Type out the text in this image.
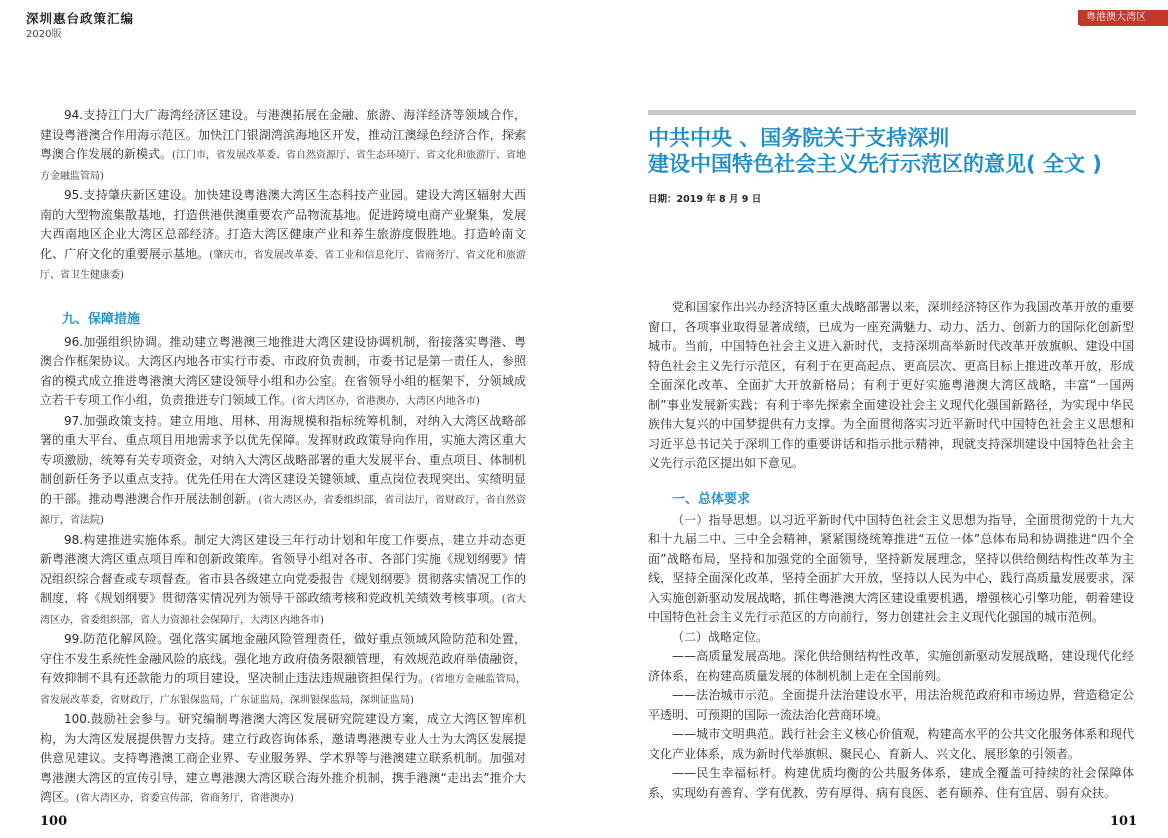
深圳惠台政策汇编
2020版

94.支持江门大广海湾经济区建设。与港澳拓展在金融、旅游、海洋经济等领域合作，建设粤港澳合作用海示范区。加快江门银湖湾滨海地区开发，推动江澳绿色经济合作，探索粤澳合作发展的新模式。(江门市，省发展改革委、省自然资源厅、省生态环境厅、省文化和旅游厅、省地方金融监管局)

95.支持肇庆新区建设。加快建设粤港澳大湾区生态科技产业园。建设大湾区辐射大西南的大型物流集散基地，打造供港供澳重要农产品物流基地。促进跨境电商产业聚集，发展大西南地区企业大湾区总部经济。打造大湾区健康产业和养生旅游度假胜地。打造岭南文化、广府文化的重要展示基地。(肇庆市，省发展改革委、省工业和信息化厅、省商务厅、省文化和旅游厅、省卫生健康委)

九、保障措施

96.加强组织协调。推动建立粤港澳三地推进大湾区建设协调机制，衔接落实粤港、粤澳合作框架协议。大湾区内地各市实行市委、市政府负责制，市委书记是第一责任人，参照省的模式成立推进粤港澳大湾区建设领导小组和办公室。在省领导小组的框架下，分领域成立若干专项工作小组，负责推进专门领域工作。(省大湾区办，省港澳办，大湾区内地各市)

97.加强政策支持。建立用地、用林、用海规模和指标统筹机制，对纳入大湾区战略部署的重大平台、重点项目用地需求予以优先保障。发挥财政政策导向作用，实施大湾区重大专项激励，统筹有关专项资金，对纳入大湾区战略部署的重大发展平台、重点项目、体制机制创新任务予以重点支持。优先任用在大湾区建设关键领域、重点岗位表现突出、实绩明显的干部。推动粤港澳合作开展法制创新。(省大湾区办，省委组织部，省司法厅，省财政厅，省自然资源厅，省法院)

98.构建推进实施体系。制定大湾区建设三年行动计划和年度工作要点，建立并动态更新粤港澳大湾区重点项目库和创新政策库。省领导小组对各市、各部门实施《规划纲要》情况组织综合督查或专项督查。省市县各级建立向党委报告《规划纲要》贯彻落实情况工作的制度，将《规划纲要》贯彻落实情况列为领导干部政绩考核和党政机关绩效考核事项。(省大湾区办，省委组织部，省人力资源社会保障厅，大湾区内地各市)

99.防范化解风险。强化落实属地金融风险管理责任，做好重点领域风险防范和处置，守住不发生系统性金融风险的底线。强化地方政府债务限额管理，有效规范政府举债融资，有效抑制不具有还款能力的项目建设，坚决制止违法违规融资担保行为。(省地方金融监管局，省发展改革委，省财政厅，广东银保监局，广东证监局，深圳银保监局，深圳证监局)

100.鼓励社会参与。研究编制粤港澳大湾区发展研究院建设方案，成立大湾区智库机构，为大湾区发展提供智力支持。建立行政咨询体系，邀请粤港澳专业人士为大湾区发展提供意见建议。支持粤港澳工商企业界、专业服务界、学术界等与港澳建立联系机制。加强对粤港澳大湾区的宣传引导，建立粤港澳大湾区联合海外推介机制，携手港澳“走出去”推介大湾区。(省大湾区办，省委宣传部，省商务厅，省港澳办)

100
粤港澳大湾区
中共中央 、国务院关于支持深圳
建设中国特色社会主义先行示范区的意见( 全文 )
日期：2019 年 8 月 9 日

党和国家作出兴办经济特区重大战略部署以来，深圳经济特区作为我国改革开放的重要窗口，各项事业取得显著成绩，已成为一座充满魅力、动力、活力、创新力的国际化创新型城市。当前，中国特色社会主义进入新时代，支持深圳高举新时代改革开放旗帜、建设中国特色社会主义先行示范区，有利于在更高起点、更高层次、更高目标上推进改革开放，形成全面深化改革、全面扩大开放新格局；有利于更好实施粤港澳大湾区战略，丰富“一国两制”事业发展新实践；有利于率先探索全面建设社会主义现代化强国新路径，为实现中华民族伟大复兴的中国梦提供有力支撑。为全面贯彻落实习近平新时代中国特色社会主义思想和习近平总书记关于深圳工作的重要讲话和指示批示精神，现就支持深圳建设中国特色社会主义先行示范区提出如下意见。

一、总体要求

（一）指导思想。以习近平新时代中国特色社会主义思想为指导，全面贯彻党的十九大和十九届二中、三中全会精神，紧紧围绕统筹推进“五位一体”总体布局和协调推进“四个全面”战略布局，坚持和加强党的全面领导，坚持新发展理念，坚持以供给侧结构性改革为主线，坚持全面深化改革，坚持全面扩大开放，坚持以人民为中心，践行高质量发展要求，深入实施创新驱动发展战略，抓住粤港澳大湾区建设重要机遇，增强核心引擎功能，朝着建设中国特色社会主义先行示范区的方向前行，努力创建社会主义现代化强国的城市范例。

（二）战略定位。

——高质量发展高地。深化供给侧结构性改革，实施创新驱动发展战略，建设现代化经济体系，在构建高质量发展的体制机制上走在全国前列。

——法治城市示范。全面提升法治建设水平，用法治规范政府和市场边界，营造稳定公平透明、可预期的国际一流法治化营商环境。

——城市文明典范。践行社会主义核心价值观，构建高水平的公共文化服务体系和现代文化产业体系，成为新时代举旗帜、聚民心、育新人、兴文化、展形象的引领者。

——民生幸福标杆。构建优质均衡的公共服务体系，建成全覆盖可持续的社会保障体系，实现幼有善育、学有优教、劳有厚得、病有良医、老有颐养、住有宜居、弱有众扶。

101
